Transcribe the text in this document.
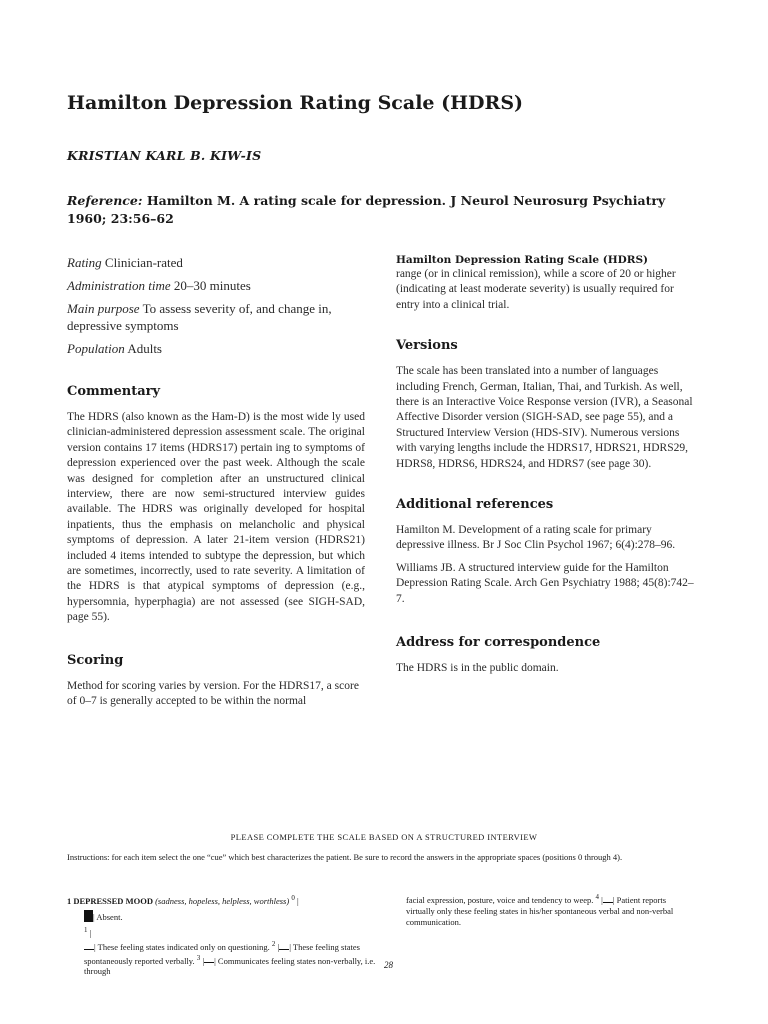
Hamilton Depression Rating Scale (HDRS)
KRISTIAN KARL B. KIW-IS
Reference: Hamilton M. A rating scale for depression. J Neurol Neurosurg Psychiatry 1960; 23:56–62

Rating Clinician-rated

Administration time 20–30 minutes

Main purpose To assess severity of, and change in, depressive symptoms

Population Adults

Commentary

The HDRS (also known as the Ham-D) is the most wide ly used clinician-administered depression assessment scale. The original version contains 17 items (HDRS17) pertain ing to symptoms of depression experienced over the past week. Although the scale was designed for completion after an unstructured clinical interview, there are now semi-structured interview guides available. The HDRS was originally developed for hospital inpatients, thus the emphasis on melancholic and physical symptoms of depression. A later 21-item version (HDRS21) included 4 items intended to subtype the depression, but which are sometimes, incorrectly, used to rate severity. A limitation of the HDRS is that atypical symptoms of depression (e.g., hypersomnia, hyperphagia) are not assessed (see SIGH-SAD, page 55).

Scoring

Method for scoring varies by version. For the HDRS17, a score of 0–7 is generally accepted to be within the normal

Hamilton Depression Rating Scale (HDRS)

range (or in clinical remission), while a score of 20 or higher (indicating at least moderate severity) is usually required for entry into a clinical trial.

Versions

The scale has been translated into a number of languages including French, German, Italian, Thai, and Turkish. As well, there is an Interactive Voice Response version (IVR), a Seasonal Affective Disorder version (SIGH-SAD, see page 55), and a Structured Interview Version (HDS-SIV). Numerous versions with varying lengths include the HDRS17, HDRS21, HDRS29, HDRS8, HDRS6, HDRS24, and HDRS7 (see page 30).

Additional references

Hamilton M. Development of a rating scale for primary depressive illness. Br J Soc Clin Psychol 1967; 6(4):278–96.

Williams JB. A structured interview guide for the Hamilton Depression Rating Scale. Arch Gen Psychiatry 1988; 45(8):742–7.

Address for correspondence

The HDRS is in the public domain.

PLEASE COMPLETE THE SCALE BASED ON A STRUCTURED INTERVIEW
Instructions: for each item select the one “cue” which best characterizes the patient. Be sure to record the answers in the appropriate spaces (positions 0 through 4).
1 DEPRESSED MOOD (sadness, hopeless, helpless, worthless) $^0$ |
| Absent.
$^1$ |
| These feeling states indicated only on questioning. $^2$ | | These feeling states spontaneously reported verbally. $^3$ | | Communicates feeling states non-verbally, i.e. through
facial expression, posture, voice and tendency to weep. $^4$ | | Patient reports virtually only these feeling states in his/her spontaneous verbal and non-verbal communication.
28
